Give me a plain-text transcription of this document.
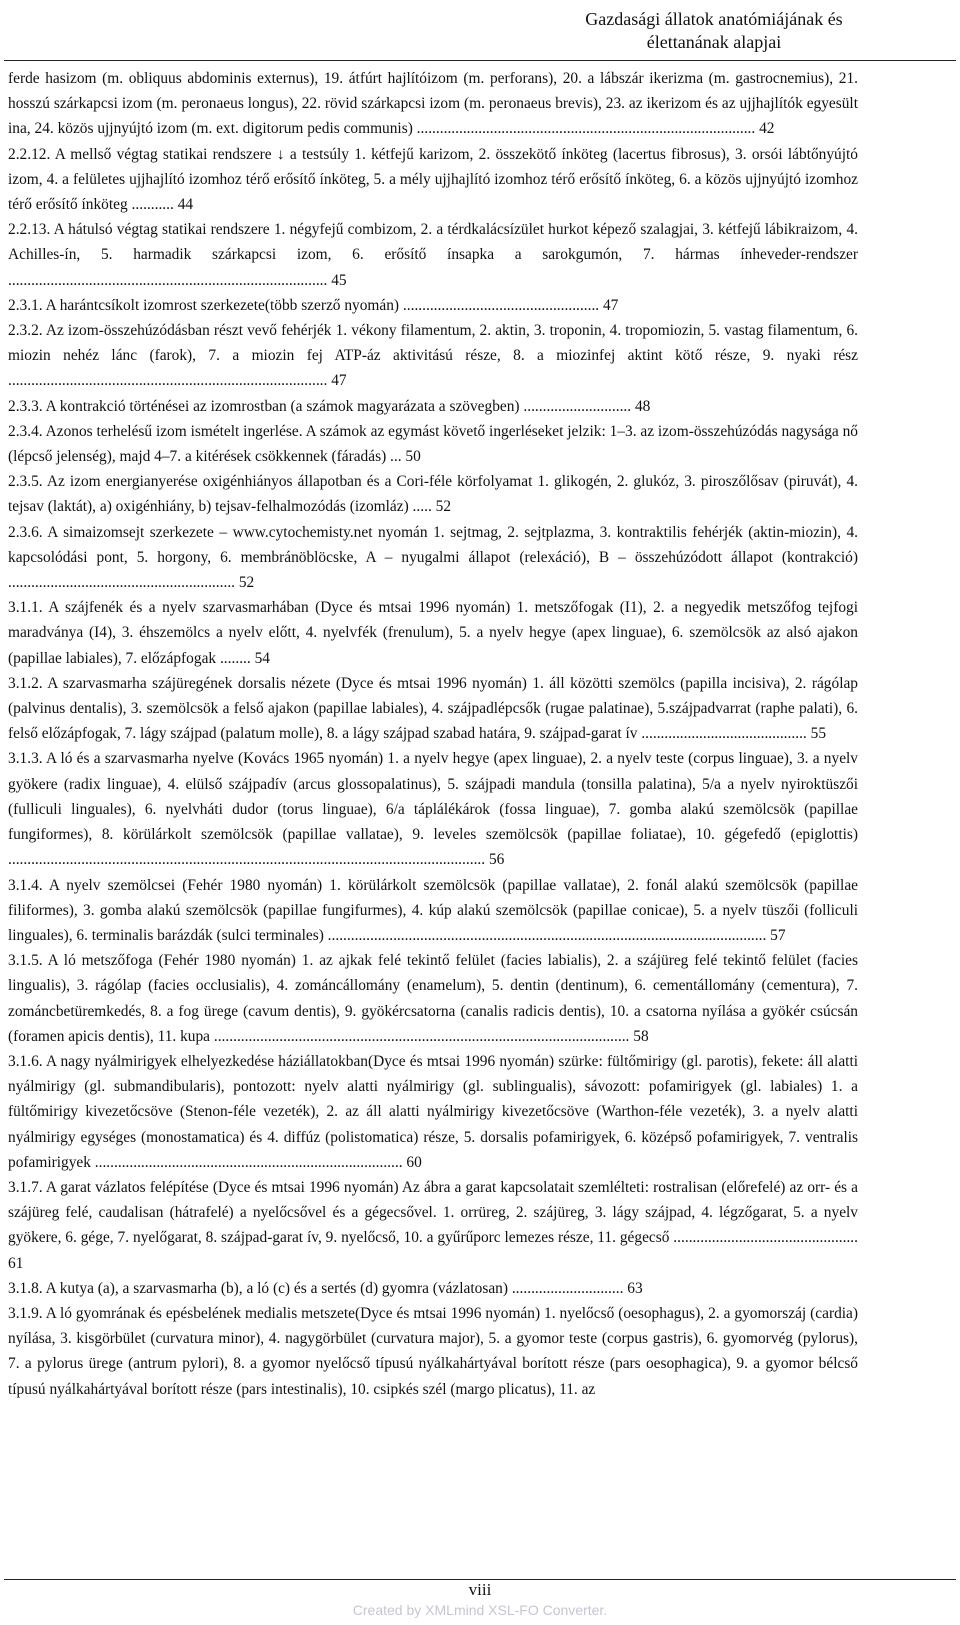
Gazdasági állatok anatómiájának és
élettanának alapjai

ferde hasizom (m. obliquus abdominis externus), 19. átfúrt hajlítóizom (m. perforans), 20. a lábszár ikerizma (m. gastrocnemius), 21. hosszú szárkapcsi izom (m. peronaeus longus), 22. rövid szárkapcsi izom (m. peronaeus brevis), 23. az ikerizom és az ujjhajlítók egyesült ina, 24. közös ujjnyújtó izom (m. ext. digitorum pedis communis) ........................................................................................ 42

2.2.12. A mellső végtag statikai rendszere ↓ a testsúly 1. kétfejű karizom, 2. összekötő ínköteg (lacertus fibrosus), 3. orsói lábtőnyújtó izom, 4. a felületes ujjhajlító izomhoz térő erősítő ínköteg, 5. a mély ujjhajlító izomhoz térő erősítő ínköteg, 6. a közös ujjnyújtó izomhoz térő erősítő ínköteg ........... 44

2.2.13. A hátulsó végtag statikai rendszere 1. négyfejű combizom, 2. a térdkalácsízület hurkot képező szalagjai, 3. kétfejű lábikraizom, 4. Achilles-ín, 5. harmadik szárkapcsi izom, 6. erősítő ínsapka a sarokgumón, 7. hármas ínheveder-rendszer ................................................................................... 45

2.3.1. A harántcsíkolt izomrost szerkezete(több szerző nyomán) ................................................... 47

2.3.2. Az izom-összehúzódásban részt vevő fehérjék 1. vékony filamentum, 2. aktin, 3. troponin, 4. tropomiozin, 5. vastag filamentum, 6. miozin nehéz lánc (farok), 7. a miozin fej ATP-áz aktivitású része, 8. a miozinfej aktint kötő része, 9. nyaki rész ................................................................................... 47

2.3.3. A kontrakció történései az izomrostban (a számok magyarázata a szövegben) ............................ 48

2.3.4. Azonos terhelésű izom ismételt ingerlése. A számok az egymást követő ingerléseket jelzik: 1–3. az izom-összehúzódás nagysága nő (lépcső jelenség), majd 4–7. a kitérések csökkennek (fáradás) ... 50

2.3.5. Az izom energianyerése oxigénhiányos állapotban és a Cori-féle körfolyamat 1. glikogén, 2. glukóz, 3. piroszőlősav (piruvát), 4. tejsav (laktát), a) oxigénhiány, b) tejsav-felhalmozódás (izomláz) ..... 52

2.3.6. A simaizomsejt szerkezete – www.cytochemisty.net nyomán 1. sejtmag, 2. sejtplazma, 3. kontraktilis fehérjék (aktin-miozin), 4. kapcsolódási pont, 5. horgony, 6. membránöblöcske, A – nyugalmi állapot (relexáció), B – összehúzódott állapot (kontrakció) ........................................................... 52

3.1.1. A szájfenék és a nyelv szarvasmarhában (Dyce és mtsai 1996 nyomán) 1. metszőfogak (I1), 2. a negyedik metszőfog tejfogi maradványa (I4), 3. éhszemölcs a nyelv előtt, 4. nyelvfék (frenulum), 5. a nyelv hegye (apex linguae), 6. szemölcsök az alsó ajakon (papillae labiales), 7. előzápfogak ........ 54

3.1.2. A szarvasmarha szájüregének dorsalis nézete (Dyce és mtsai 1996 nyomán) 1. áll közötti szemölcs (papilla incisiva), 2. rágólap (palvinus dentalis), 3. szemölcsök a felső ajakon (papillae labiales), 4. szájpadlépcsők (rugae palatinae), 5.szájpadvarrat (raphe palati), 6. felső előzápfogak, 7. lágy szájpad (palatum molle), 8. a lágy szájpad szabad határa, 9. szájpad-garat ív ........................................... 55

3.1.3. A ló és a szarvasmarha nyelve (Kovács 1965 nyomán) 1. a nyelv hegye (apex linguae), 2. a nyelv teste (corpus linguae), 3. a nyelv gyökere (radix linguae), 4. elülső szájpadív (arcus glossopalatinus), 5. szájpadi mandula (tonsilla palatina), 5/a a nyelv nyiroktüszői (fulliculi linguales), 6. nyelvháti dudor (torus linguae), 6/a táplálékárok (fossa linguae), 7. gomba alakú szemölcsök (papillae fungiformes), 8. körülárkolt szemölcsök (papillae vallatae), 9. leveles szemölcsök (papillae foliatae), 10. gégefedő (epiglottis) ............................................................................................................................ 56

3.1.4. A nyelv szemölcsei (Fehér 1980 nyomán) 1. körülárkolt szemölcsök (papillae vallatae), 2. fonál alakú szemölcsök (papillae filiformes), 3. gomba alakú szemölcsök (papillae fungifurmes), 4. kúp alakú szemölcsök (papillae conicae), 5. a nyelv tüszői (folliculi linguales), 6. terminalis barázdák (sulci terminales) .................................................................................................................. 57

3.1.5. A ló metszőfoga (Fehér 1980 nyomán) 1. az ajkak felé tekintő felület (facies labialis), 2. a szájüreg felé tekintő felület (facies lingualis), 3. rágólap (facies occlusialis), 4. zománcállomány (enamelum), 5. dentin (dentinum), 6. cementállomány (cementura), 7. zománcbetüremkedés, 8. a fog ürege (cavum dentis), 9. gyökércsatorna (canalis radicis dentis), 10. a csatorna nyílása a gyökér csúcsán (foramen apicis dentis), 11. kupa ............................................................................................................ 58

3.1.6. A nagy nyálmirigyek elhelyezkedése háziállatokban(Dyce és mtsai 1996 nyomán) szürke: fültőmirigy (gl. parotis), fekete: áll alatti nyálmirigy (gl. submandibularis), pontozott: nyelv alatti nyálmirigy (gl. sublingualis), sávozott: pofamirigyek (gl. labiales) 1. a fültőmirigy kivezetőcsöve (Stenon-féle vezeték), 2. az áll alatti nyálmirigy kivezetőcsöve (Warthon-féle vezeték), 3. a nyelv alatti nyálmirigy egységes (monostamatica) és 4. diffúz (polistomatica) része, 5. dorsalis pofamirigyek, 6. középső pofamirigyek, 7. ventralis pofamirigyek ................................................................................ 60

3.1.7. A garat vázlatos felépítése (Dyce és mtsai 1996 nyomán) Az ábra a garat kapcsolatait szemlélteti: rostralisan (előrefelé) az orr- és a szájüreg felé, caudalisan (hátrafelé) a nyelőcsővel és a gégecsővel. 1. orrüreg, 2. szájüreg, 3. lágy szájpad, 4. légzőgarat, 5. a nyelv gyökere, 6. gége, 7. nyelőgarat, 8. szájpad-garat ív, 9. nyelőcső, 10. a gyűrűporc lemezes része, 11. gégecső ................................................ 61

3.1.8. A kutya (a), a szarvasmarha (b), a ló (c) és a sertés (d) gyomra (vázlatosan) ............................. 63

3.1.9. A ló gyomrának és epésbelének medialis metszete(Dyce és mtsai 1996 nyomán) 1. nyelőcső (oesophagus), 2. a gyomorszáj (cardia) nyílása, 3. kisgörbület (curvatura minor), 4. nagygörbület (curvatura major), 5. a gyomor teste (corpus gastris), 6. gyomorvég (pylorus), 7. a pylorus ürege (antrum pylori), 8. a gyomor nyelőcső típusú nyálkahártyával borított része (pars oesophagica), 9. a gyomor bélcső típusú nyálkahártyával borított része (pars intestinalis), 10. csipkés szél (margo plicatus), 11. az

viii
Created by XMLmind XSL-FO Converter.
